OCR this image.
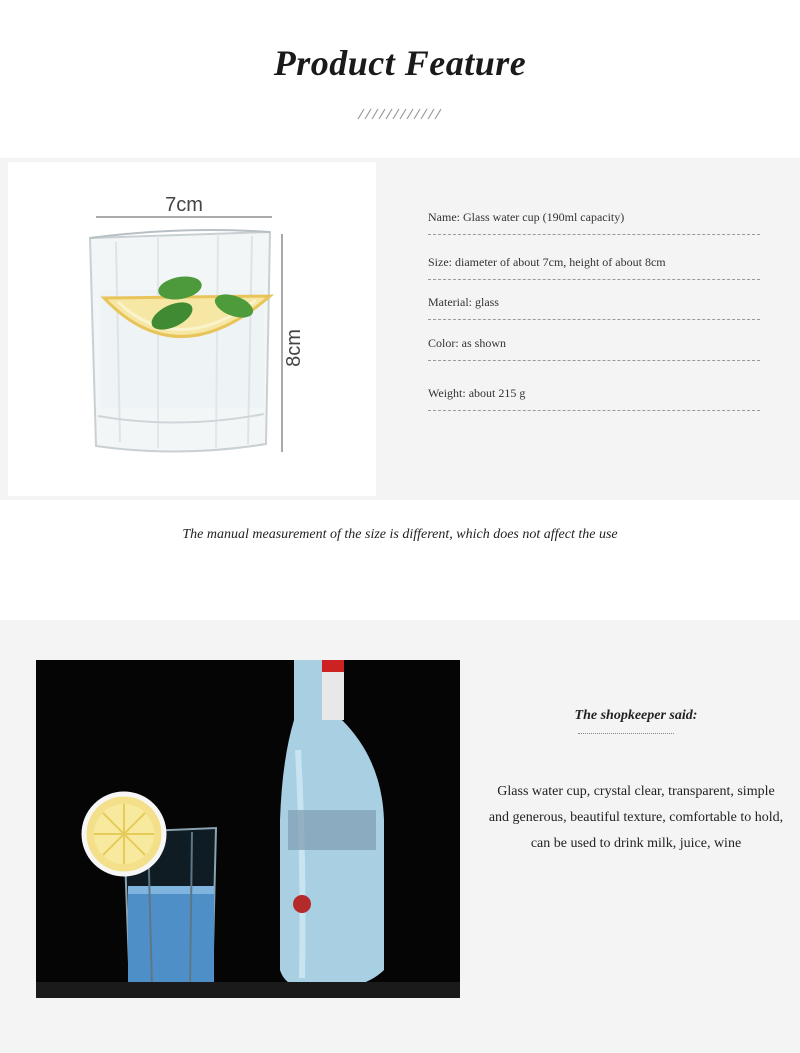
Product Feature
7cm
8cm
Name: Glass water cup (190ml capacity)
Size: diameter of about 7cm, height of about 8cm
Material: glass
Color: as shown
Weight: about 215 g
The manual measurement of the size is different, which does not affect the use
The shopkeeper said:
Glass water cup, crystal clear, transparent, simple and generous, beautiful texture, comfortable to hold, can be used to drink milk, juice, wine
